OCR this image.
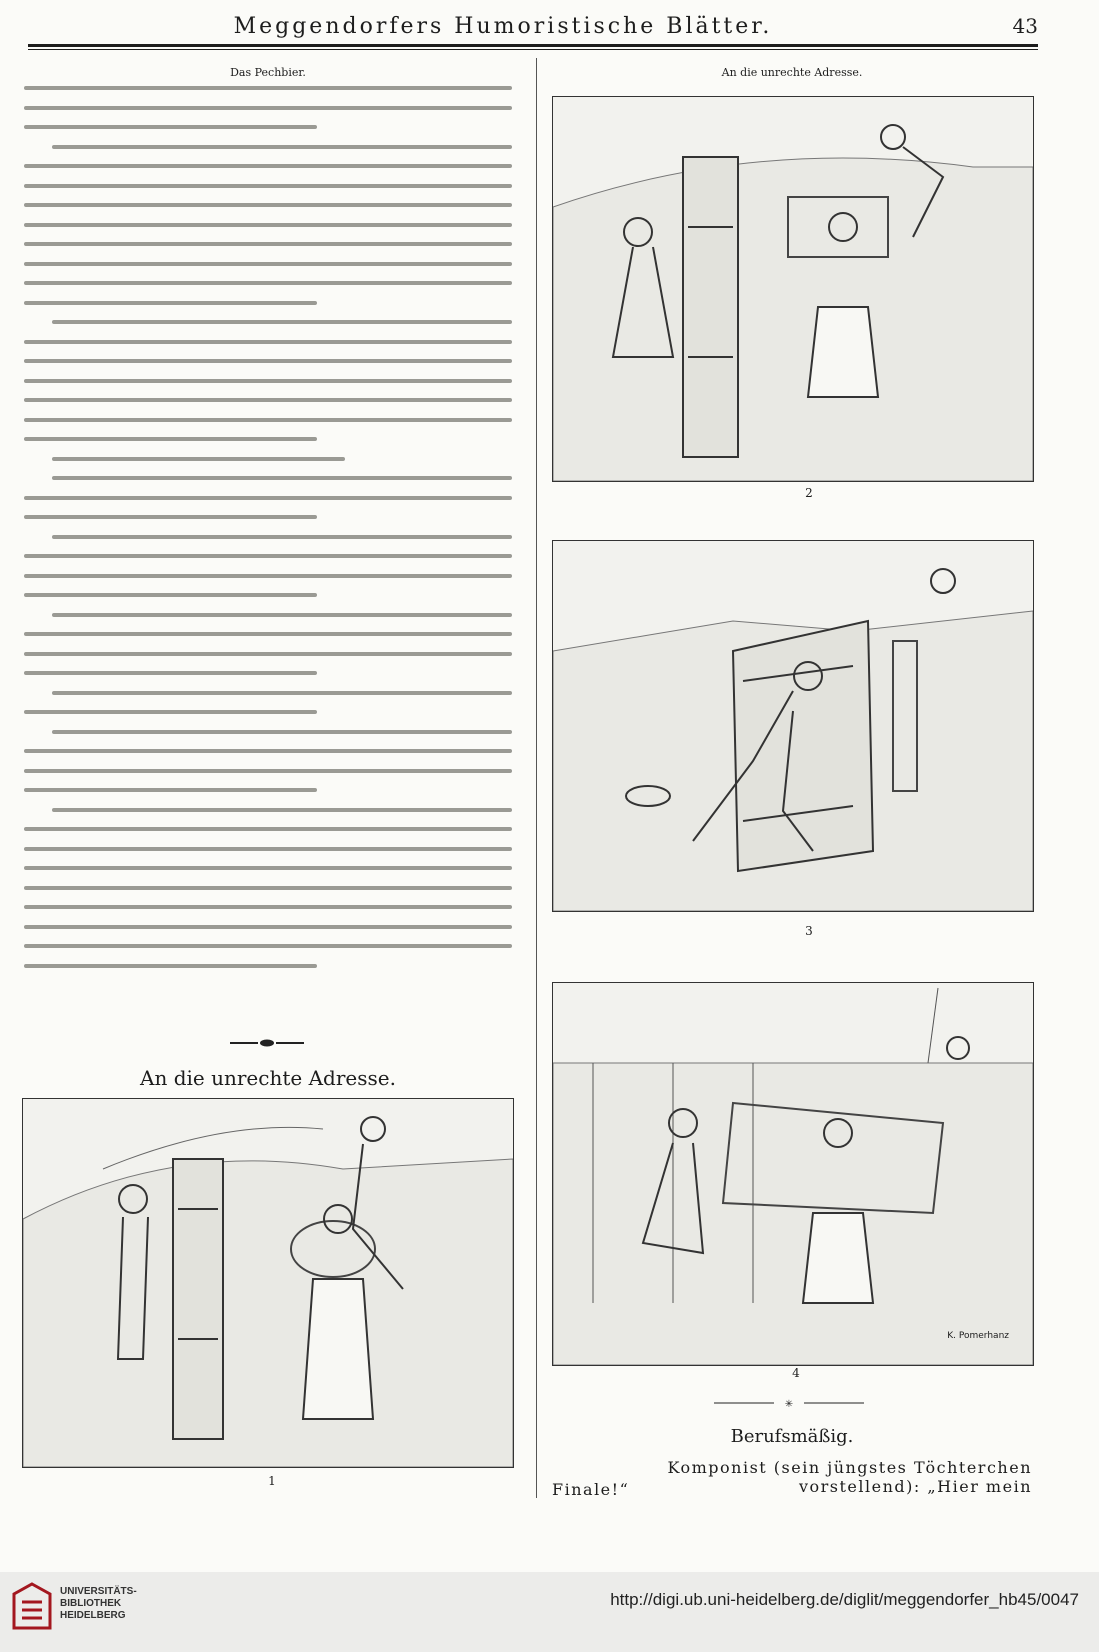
Meggendorfers Humoristische Blätter.	43
Das Pechbier.
An die unrechte Adresse.
1
An die unrechte Adresse.
2
3
K. Pomerhanz
4
✳
Berufsmäßig.
Komponist (sein jüngstes Töchterchen vorstellend): „Hier mein
Finale!“
UNIVERSITÄTS-
BIBLIOTHEK
HEIDELBERG
http://digi.ub.uni-heidelberg.de/diglit/meggendorfer_hb45/0047
